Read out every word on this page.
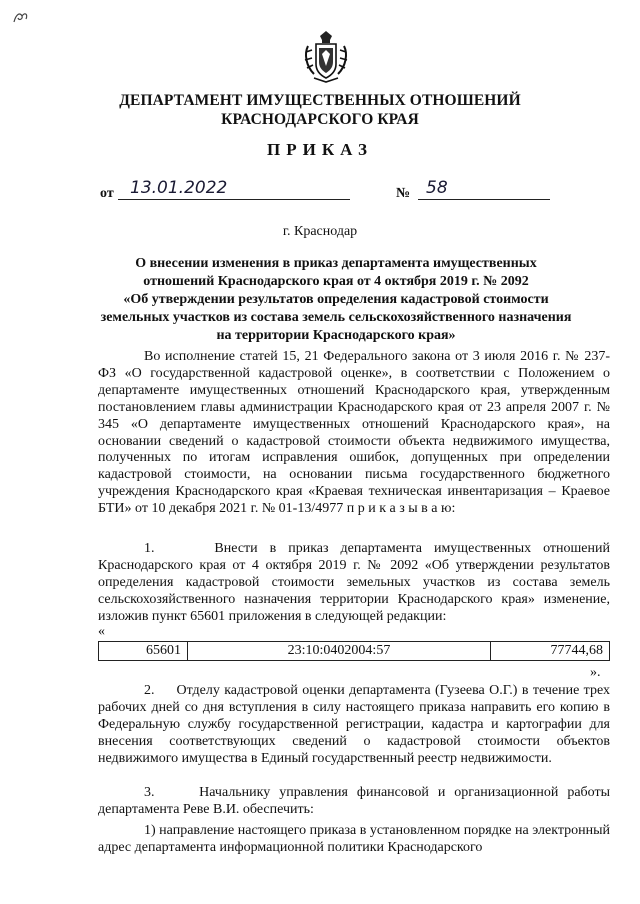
ДЕПАРТАМЕНТ ИМУЩЕСТВЕННЫХ ОТНОШЕНИЙ
КРАСНОДАРСКОГО КРАЯ
ПРИКАЗ
от 13.01.2022	№ 58
г. Краснодар
О внесении изменения в приказ департамента имущественных
отношений Краснодарского края от 4 октября 2019 г. № 2092
«Об утверждении результатов определения кадастровой стоимости
земельных участков из состава земель сельскохозяйственного назначения
на территории Краснодарского края»

Во исполнение статей 15, 21 Федерального закона от 3 июля 2016 г. № 237-ФЗ «О государственной кадастровой оценке», в соответствии с Положением о департаменте имущественных отношений Краснодарского края, утвержденным постановлением главы администрации Краснодарского края от 23 апреля 2007 г. № 345 «О департаменте имущественных отношений Краснодарского края», на основании сведений о кадастровой стоимости объекта недвижимого имущества, полученных по итогам исправления ошибок, допущенных при определении кадастровой стоимости, на основании письма государственного бюджетного учреждения Краснодарского края «Краевая техническая инвентаризация – Краевое БТИ» от 10 декабря 2021 г. № 01-13/4977 п р и к а з ы в а ю:

1.     Внести в приказ департамента имущественных отношений Краснодарского края от 4 октября 2019 г. № 2092 «Об утверждении результатов определения кадастровой стоимости земельных участков из состава земель сельскохозяйственного назначения территории Краснодарского края» изменение, изложив пункт 65601 приложения в следующей редакции:

«
65601	23:10:0402004:57	77744,68
».

2.     Отделу кадастровой оценки департамента (Гузеева О.Г.) в течение трех рабочих дней со дня вступления в силу настоящего приказа направить его копию в Федеральную службу государственной регистрации, кадастра и картографии для внесения соответствующих сведений о кадастровой стоимости объектов недвижимого имущества в Единый государственный реестр недвижимости.

3.     Начальнику управления финансовой и организационной работы департамента Реве В.И. обеспечить:

1) направление настоящего приказа в установленном порядке на электронный адрес департамента информационной политики Краснодарского
